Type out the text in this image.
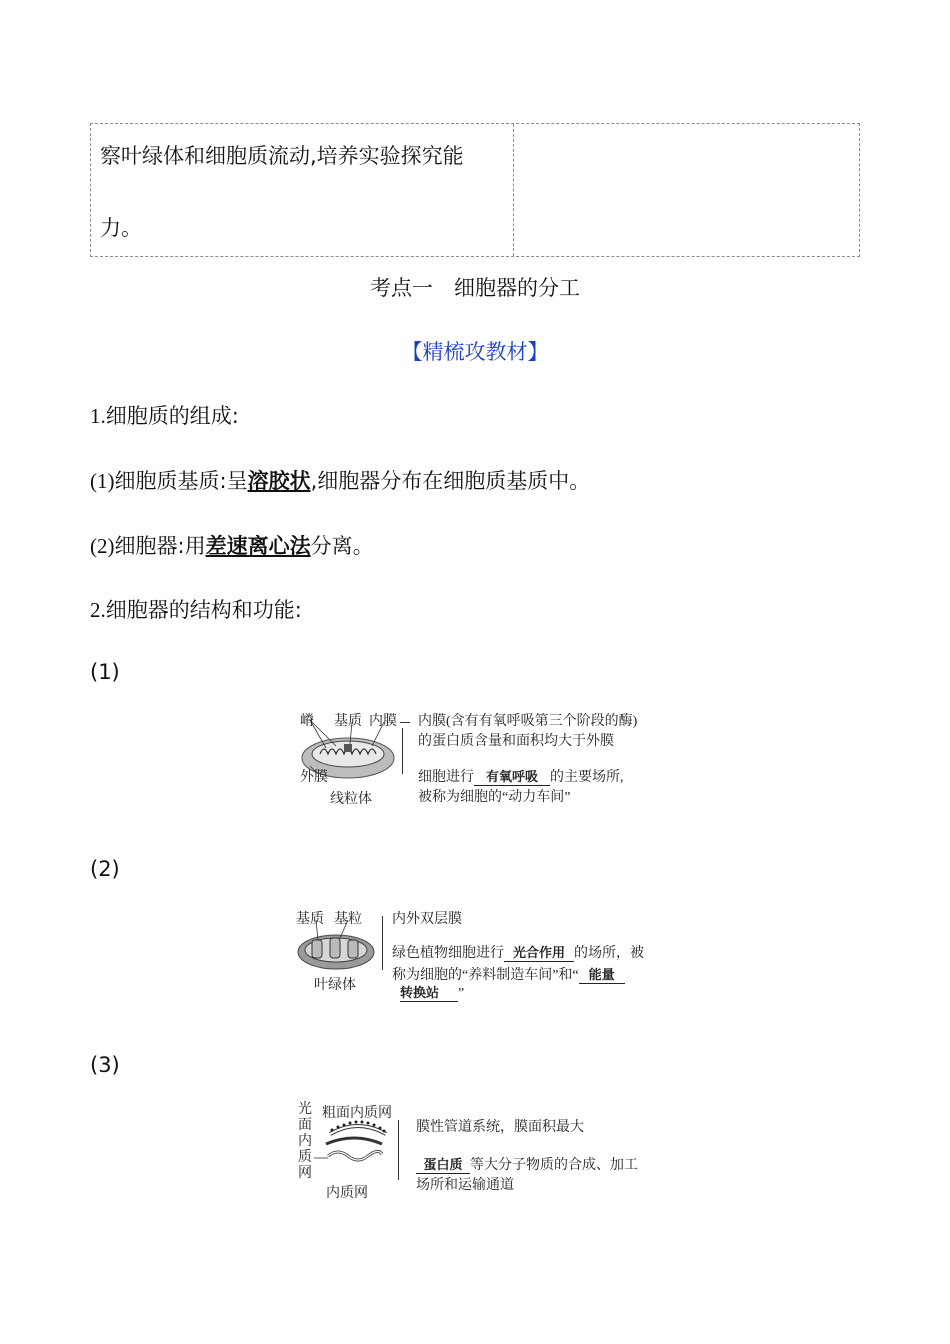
察叶绿体和细胞质流动,培养实验探究能
力。
考点一　细胞器的分工
【精梳攻教材】
1.细胞质的组成:
(1)细胞质基质:呈溶胶状,细胞器分布在细胞质基质中。
(2)细胞器:用差速离心法分离。
2.细胞器的结构和功能:
(1)
(2)
(3)
嵴 基质 内膜
外膜
线粒体
内膜(含有有氧呼吸第三个阶段的酶)
的蛋白质含量和面积均大于外膜
细胞进行 有氧呼吸 的主要场所,
被称为细胞的“动力车间”
基质 基粒
叶绿体
内外双层膜
绿色植物细胞进行 光合作用 的场所，被
称为细胞的“养料制造车间”和“ 能量
转换站 ”
光
面
内
质
网
粗面内质网
内质网
膜性管道系统，膜面积最大
蛋白质 等大分子物质的合成、加工
场所和运输通道
